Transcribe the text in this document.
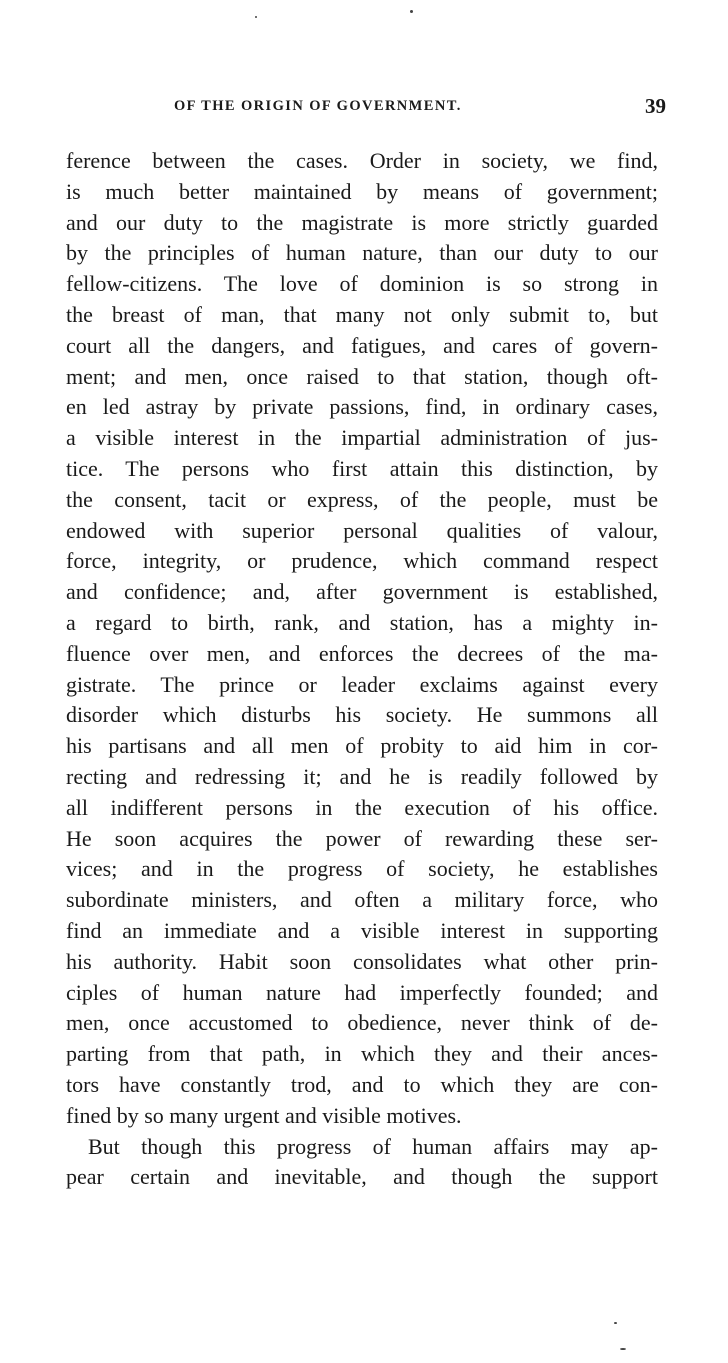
OF THE ORIGIN OF GOVERNMENT.	39
ference between the cases. Order in society, we find,
is much better maintained by means of government;
and our duty to the magistrate is more strictly guarded
by the principles of human nature, than our duty to our
fellow-citizens. The love of dominion is so strong in
the breast of man, that many not only submit to, but
court all the dangers, and fatigues, and cares of govern-
ment; and men, once raised to that station, though oft-
en led astray by private passions, find, in ordinary cases,
a visible interest in the impartial administration of jus-
tice. The persons who first attain this distinction, by
the consent, tacit or express, of the people, must be
endowed with superior personal qualities of valour,
force, integrity, or prudence, which command respect
and confidence; and, after government is established,
a regard to birth, rank, and station, has a mighty in-
fluence over men, and enforces the decrees of the ma-
gistrate. The prince or leader exclaims against every
disorder which disturbs his society. He summons all
his partisans and all men of probity to aid him in cor-
recting and redressing it; and he is readily followed by
all indifferent persons in the execution of his office.
He soon acquires the power of rewarding these ser-
vices; and in the progress of society, he establishes
subordinate ministers, and often a military force, who
find an immediate and a visible interest in supporting
his authority. Habit soon consolidates what other prin-
ciples of human nature had imperfectly founded; and
men, once accustomed to obedience, never think of de-
parting from that path, in which they and their ances-
tors have constantly trod, and to which they are con-
fined by so many urgent and visible motives.
But though this progress of human affairs may ap-
pear certain and inevitable, and though the support
